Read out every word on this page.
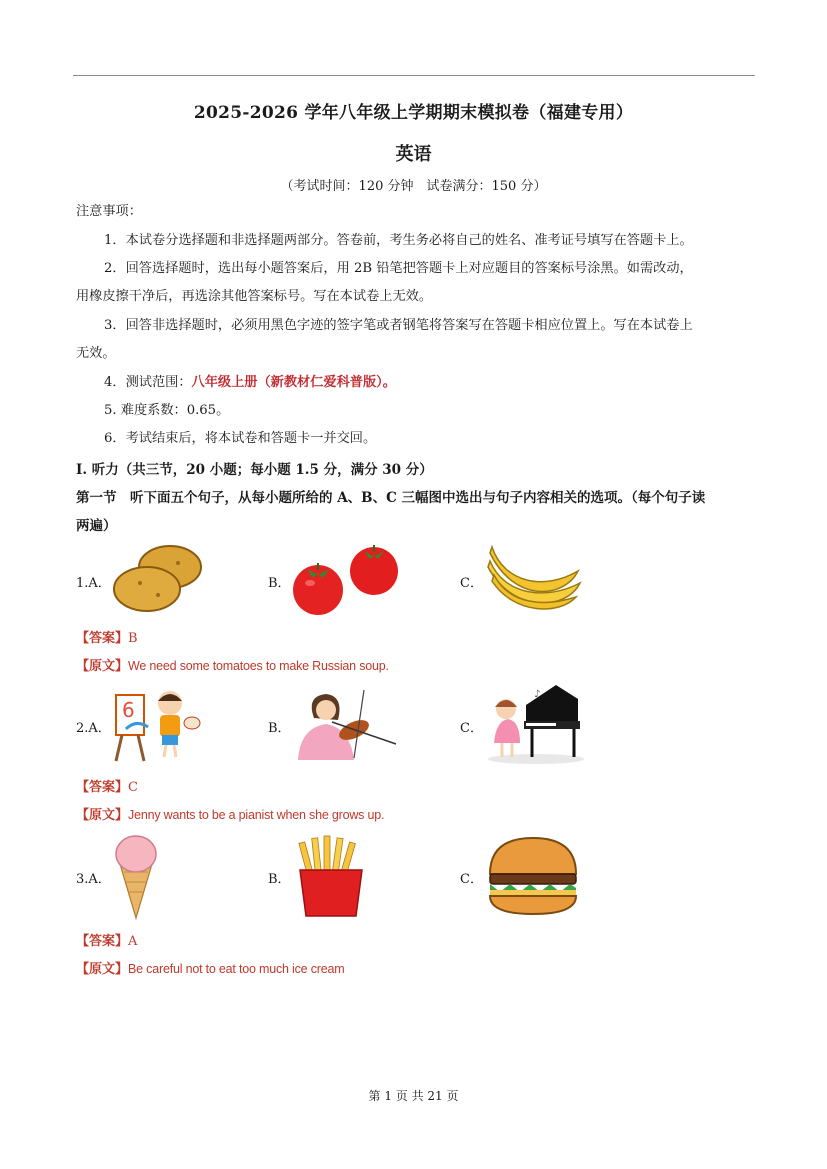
2025-2026 学年八年级上学期期末模拟卷（福建专用）
英语
（考试时间：120 分钟　试卷满分：150 分）
注意事项：
1．本试卷分选择题和非选择题两部分。答卷前，考生务必将自己的姓名、准考证号填写在答题卡上。
2．回答选择题时，选出每小题答案后，用 2B 铅笔把答题卡上对应题目的答案标号涂黑。如需改动，
用橡皮擦干净后，再选涂其他答案标号。写在本试卷上无效。
3．回答非选择题时，必须用黑色字迹的签字笔或者钢笔将答案写在答题卡相应位置上。写在本试卷上
无效。
4．测试范围：八年级上册（新教材仁爱科普版）。
5. 难度系数：0.65。
6．考试结束后，将本试卷和答题卡一并交回。
I. 听力（共三节，20 小题；每小题 1.5 分，满分 30 分）
第一节　听下面五个句子，从每小题所给的 A、B、C 三幅图中选出与句子内容相关的选项。（每个句子读
两遍）
1.A．	B．	C．
【答案】B
【原文】We need some tomatoes to make Russian soup.
2.A．
6
B．	C．
♪
【答案】C
【原文】Jenny wants to be a pianist when she grows up.
3.A．	B．	C．
【答案】A
【原文】Be careful not to eat too much ice cream
第 1 页 共 21 页
